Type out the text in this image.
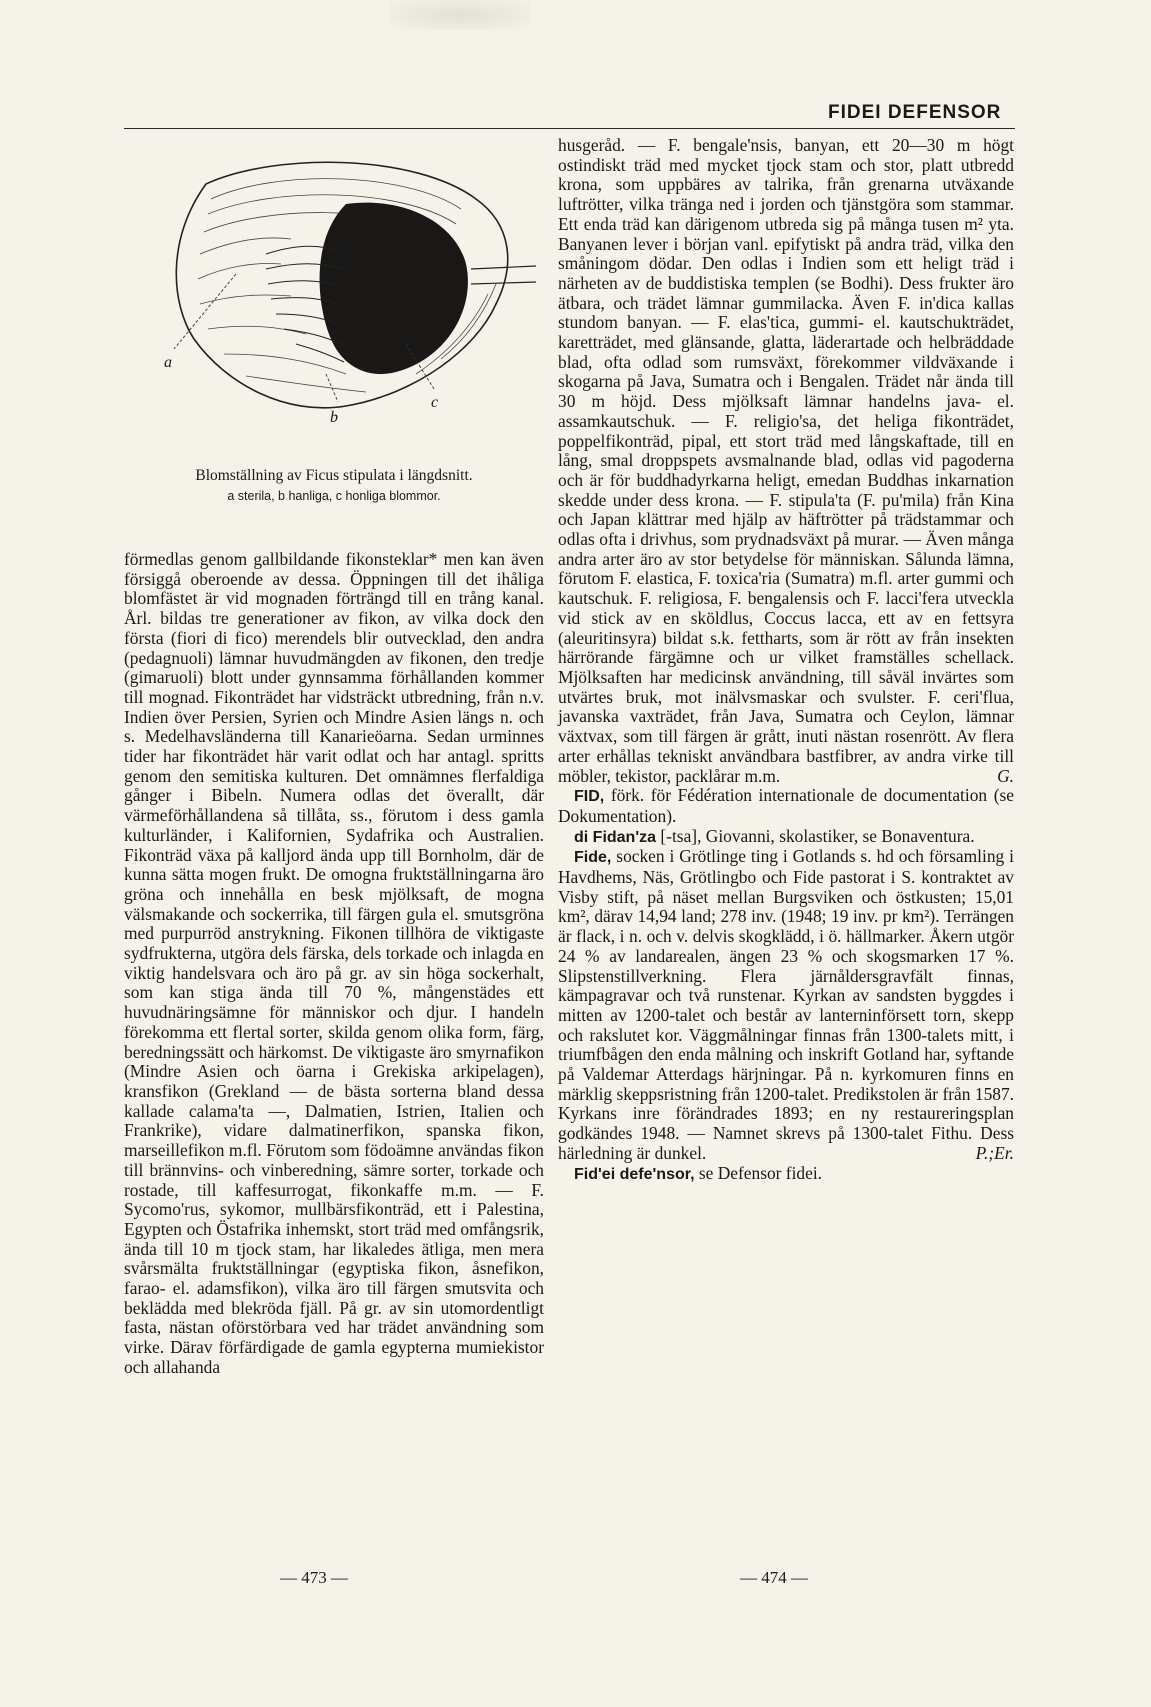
FIDEI DEFENSOR
a
b
c
Blomställning av Ficus stipulata i längdsnitt.
a sterila, b hanliga, c honliga blommor.

förmedlas genom gallbildande fikonsteklar* men kan även försiggå oberoende av dessa. Öppningen till det ihåliga blomfästet är vid mognaden förträngd till en trång kanal. Årl. bildas tre generationer av fikon, av vilka dock den första (fiori di fico) merendels blir outvecklad, den andra (pedagnuoli) lämnar huvudmängden av fikonen, den tredje (gimaruoli) blott under gynnsamma förhållanden kommer till mognad. Fikonträdet har vidsträckt utbredning, från n.v. Indien över Persien, Syrien och Mindre Asien längs n. och s. Medelhavsländerna till Kanarieöarna. Sedan urminnes tider har fikonträdet här varit odlat och har antagl. spritts genom den semitiska kulturen. Det omnämnes flerfaldiga gånger i Bibeln. Numera odlas det överallt, där värmeförhållandena så tillåta, ss., förutom i dess gamla kulturländer, i Kalifornien, Sydafrika och Australien. Fikonträd växa på kalljord ända upp till Bornholm, där de kunna sätta mogen frukt. De omogna fruktställningarna äro gröna och innehålla en besk mjölksaft, de mogna välsmakande och sockerrika, till färgen gula el. smutsgröna med purpurröd anstrykning. Fikonen tillhöra de viktigaste sydfrukterna, utgöra dels färska, dels torkade och inlagda en viktig handelsvara och äro på gr. av sin höga sockerhalt, som kan stiga ända till 70 %, mångenstädes ett huvudnäringsämne för människor och djur. I handeln förekomma ett flertal sorter, skilda genom olika form, färg, beredningssätt och härkomst. De viktigaste äro smyrnafikon (Mindre Asien och öarna i Grekiska arkipelagen), kransfikon (Grekland — de bästa sorterna bland dessa kallade calama'ta —, Dalmatien, Istrien, Italien och Frankrike), vidare dalmatinerfikon, spanska fikon, marseillefikon m.fl. Förutom som födoämne användas fikon till brännvins- och vinberedning, sämre sorter, torkade och rostade, till kaffesurrogat, fikonkaffe m.m. — F. Sycomo'rus, sykomor, mullbärsfikonträd, ett i Palestina, Egypten och Östafrika inhemskt, stort träd med omfångsrik, ända till 10 m tjock stam, har likaledes ätliga, men mera svårsmälta fruktställningar (egyptiska fikon, åsnefikon, farao- el. adamsfikon), vilka äro till färgen smutsvita och beklädda med blekröda fjäll. På gr. av sin utomordentligt fasta, nästan oförstörbara ved har trädet användning som virke. Därav förfärdigade de gamla egypterna mumiekistor och allahanda

husgeråd. — F. bengale'nsis, banyan, ett 20—30 m högt ostindiskt träd med mycket tjock stam och stor, platt utbredd krona, som uppbäres av talrika, från grenarna utväxande luftrötter, vilka tränga ned i jorden och tjänstgöra som stammar. Ett enda träd kan därigenom utbreda sig på många tusen m² yta. Banyanen lever i början vanl. epifytiskt på andra träd, vilka den småningom dödar. Den odlas i Indien som ett heligt träd i närheten av de buddistiska templen (se Bodhi). Dess frukter äro ätbara, och trädet lämnar gummilacka. Även F. in'dica kallas stundom banyan. — F. elas'tica, gummi- el. kautschukträdet, karetträdet, med glänsande, glatta, läderartade och helbräddade blad, ofta odlad som rumsväxt, förekommer vildväxande i skogarna på Java, Sumatra och i Bengalen. Trädet når ända till 30 m höjd. Dess mjölksaft lämnar handelns java- el. assamkautschuk. — F. religio'sa, det heliga fikonträdet, poppelfikonträd, pipal, ett stort träd med långskaftade, till en lång, smal droppspets avsmalnande blad, odlas vid pagoderna och är för buddhadyrkarna heligt, emedan Buddhas inkarnation skedde under dess krona. — F. stipula'ta (F. pu'mila) från Kina och Japan klättrar med hjälp av häftrötter på trädstammar och odlas ofta i drivhus, som prydnadsväxt på murar. — Även många andra arter äro av stor betydelse för människan. Sålunda lämna, förutom F. elastica, F. toxica'ria (Sumatra) m.fl. arter gummi och kautschuk. F. religiosa, F. bengalensis och F. lacci'fera utveckla vid stick av en sköldlus, Coccus lacca, ett av en fettsyra (aleuritinsyra) bildat s.k. fettharts, som är rött av från insekten härrörande färgämne och ur vilket framställes schellack. Mjölksaften har medicinsk användning, till såväl invärtes som utvärtes bruk, mot inälvsmaskar och svulster. F. ceri'flua, javanska vaxträdet, från Java, Sumatra och Ceylon, lämnar växtvax, som till färgen är grått, inuti nästan rosenrött. Av flera arter erhållas tekniskt användbara bastfibrer, av andra virke till möbler, tekistor, packlårar m.m.	G.

FID, förk. för Fédération internationale de documentation (se Dokumentation).

di Fidan'za [-tsa], Giovanni, skolastiker, se Bonaventura.

Fide, socken i Grötlinge ting i Gotlands s. hd och församling i Havdhems, Näs, Grötlingbo och Fide pastorat i S. kontraktet av Visby stift, på näset mellan Burgsviken och östkusten; 15,01 km², därav 14,94 land; 278 inv. (1948; 19 inv. pr km²). Terrängen är flack, i n. och v. delvis skogklädd, i ö. hällmarker. Åkern utgör 24 % av landarealen, ängen 23 % och skogsmarken 17 %. Slipstenstillverkning. Flera järnåldersgravfält finnas, kämpagravar och två runstenar. Kyrkan av sandsten byggdes i mitten av 1200-talet och består av lanterninförsett torn, skepp och rakslutet kor. Väggmålningar finnas från 1300-talets mitt, i triumfbågen den enda målning och inskrift Gotland har, syftande på Valdemar Atterdags härjningar. På n. kyrkomuren finns en märklig skeppsristning från 1200-talet. Predikstolen är från 1587. Kyrkans inre förändrades 1893; en ny restaureringsplan godkändes 1948. — Namnet skrevs på 1300-talet Fithu. Dess härledning är dunkel.	P.;Er.

Fid'ei defe'nsor, se Defensor fidei.

— 473 —	— 474 —
